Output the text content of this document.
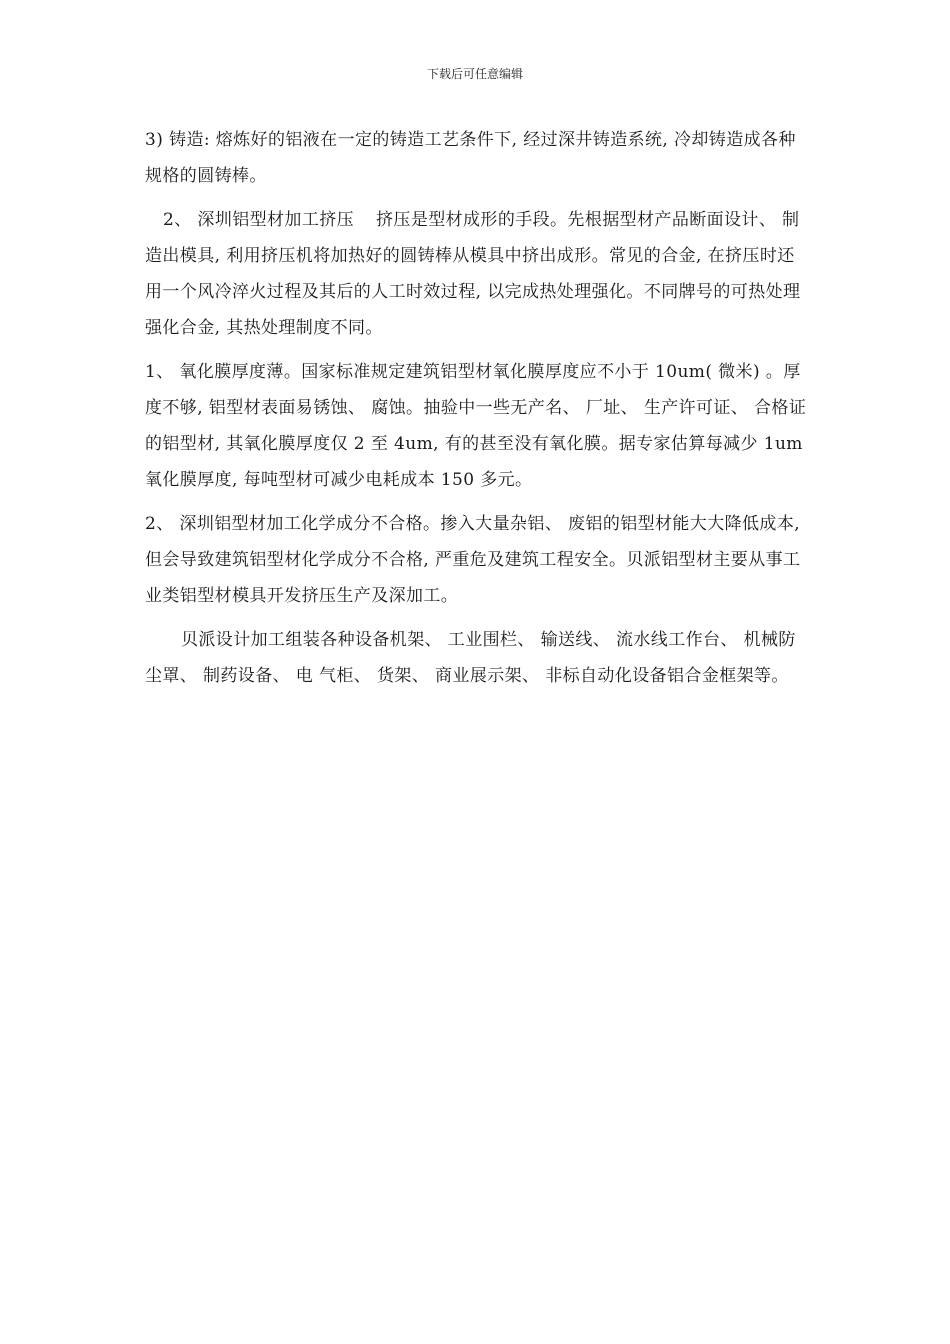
下载后可任意编辑

3) 铸造: 熔炼好的铝液在一定的铸造工艺条件下, 经过深井铸造系统, 冷却铸造成各种规格的圆铸棒。

2、 深圳铝型材加工挤压 挤压是型材成形的手段。先根据型材产品断面设计、 制造出模具, 利用挤压机将加热好的圆铸棒从模具中挤出成形。常见的合金, 在挤压时还用一个风冷淬火过程及其后的人工时效过程, 以完成热处理强化。不同牌号的可热处理强化合金, 其热处理制度不同。

1、 氧化膜厚度薄。国家标准规定建筑铝型材氧化膜厚度应不小于 10um( 微米) 。厚度不够, 铝型材表面易锈蚀、 腐蚀。抽验中一些无产名、 厂址、 生产许可证、 合格证的铝型材, 其氧化膜厚度仅 2 至 4um, 有的甚至没有氧化膜。据专家估算每减少 1um 氧化膜厚度, 每吨型材可减少电耗成本 150 多元。

2、 深圳铝型材加工化学成分不合格。掺入大量杂铝、 废铝的铝型材能大大降低成本, 但会导致建筑铝型材化学成分不合格, 严重危及建筑工程安全。贝派铝型材主要从事工业类铝型材模具开发挤压生产及深加工。

贝派设计加工组装各种设备机架、 工业围栏、 输送线、 流水线工作台、 机械防尘罩、 制药设备、 电 气柜、 货架、 商业展示架、 非标自动化设备铝合金框架等。
